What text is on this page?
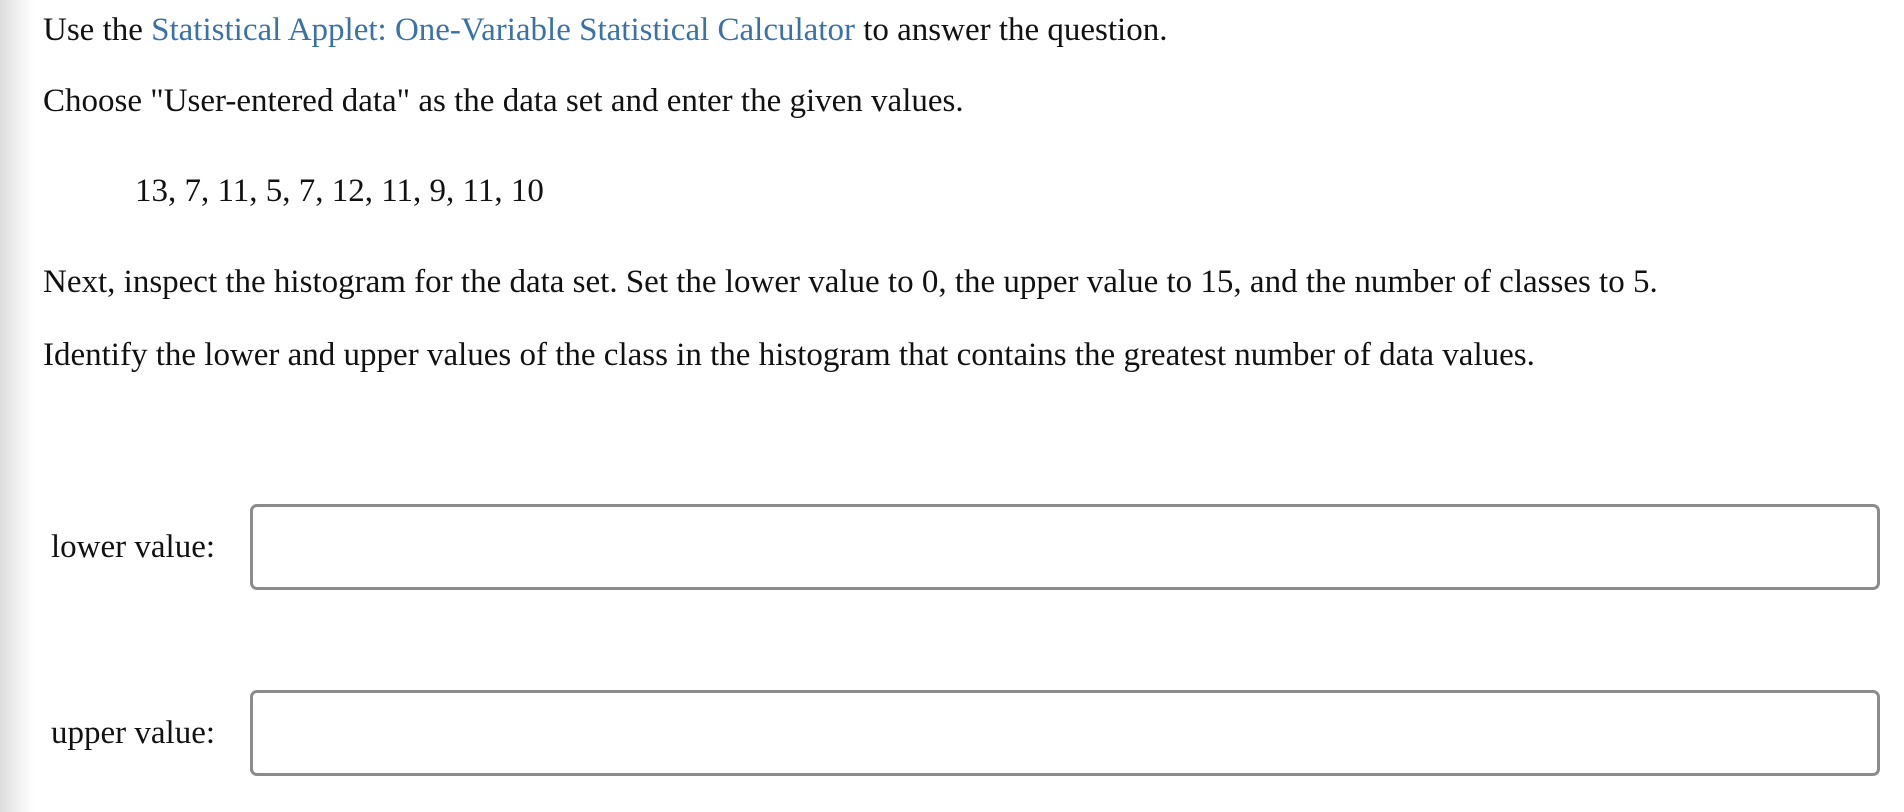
Use the Statistical Applet: One-Variable Statistical Calculator to answer the question.
Choose "User-entered data" as the data set and enter the given values.
13, 7, 11, 5, 7, 12, 11, 9, 11, 10
Next, inspect the histogram for the data set. Set the lower value to 0, the upper value to 15, and the number of classes to 5.
Identify the lower and upper values of the class in the histogram that contains the greatest number of data values.
lower value:
upper value:
